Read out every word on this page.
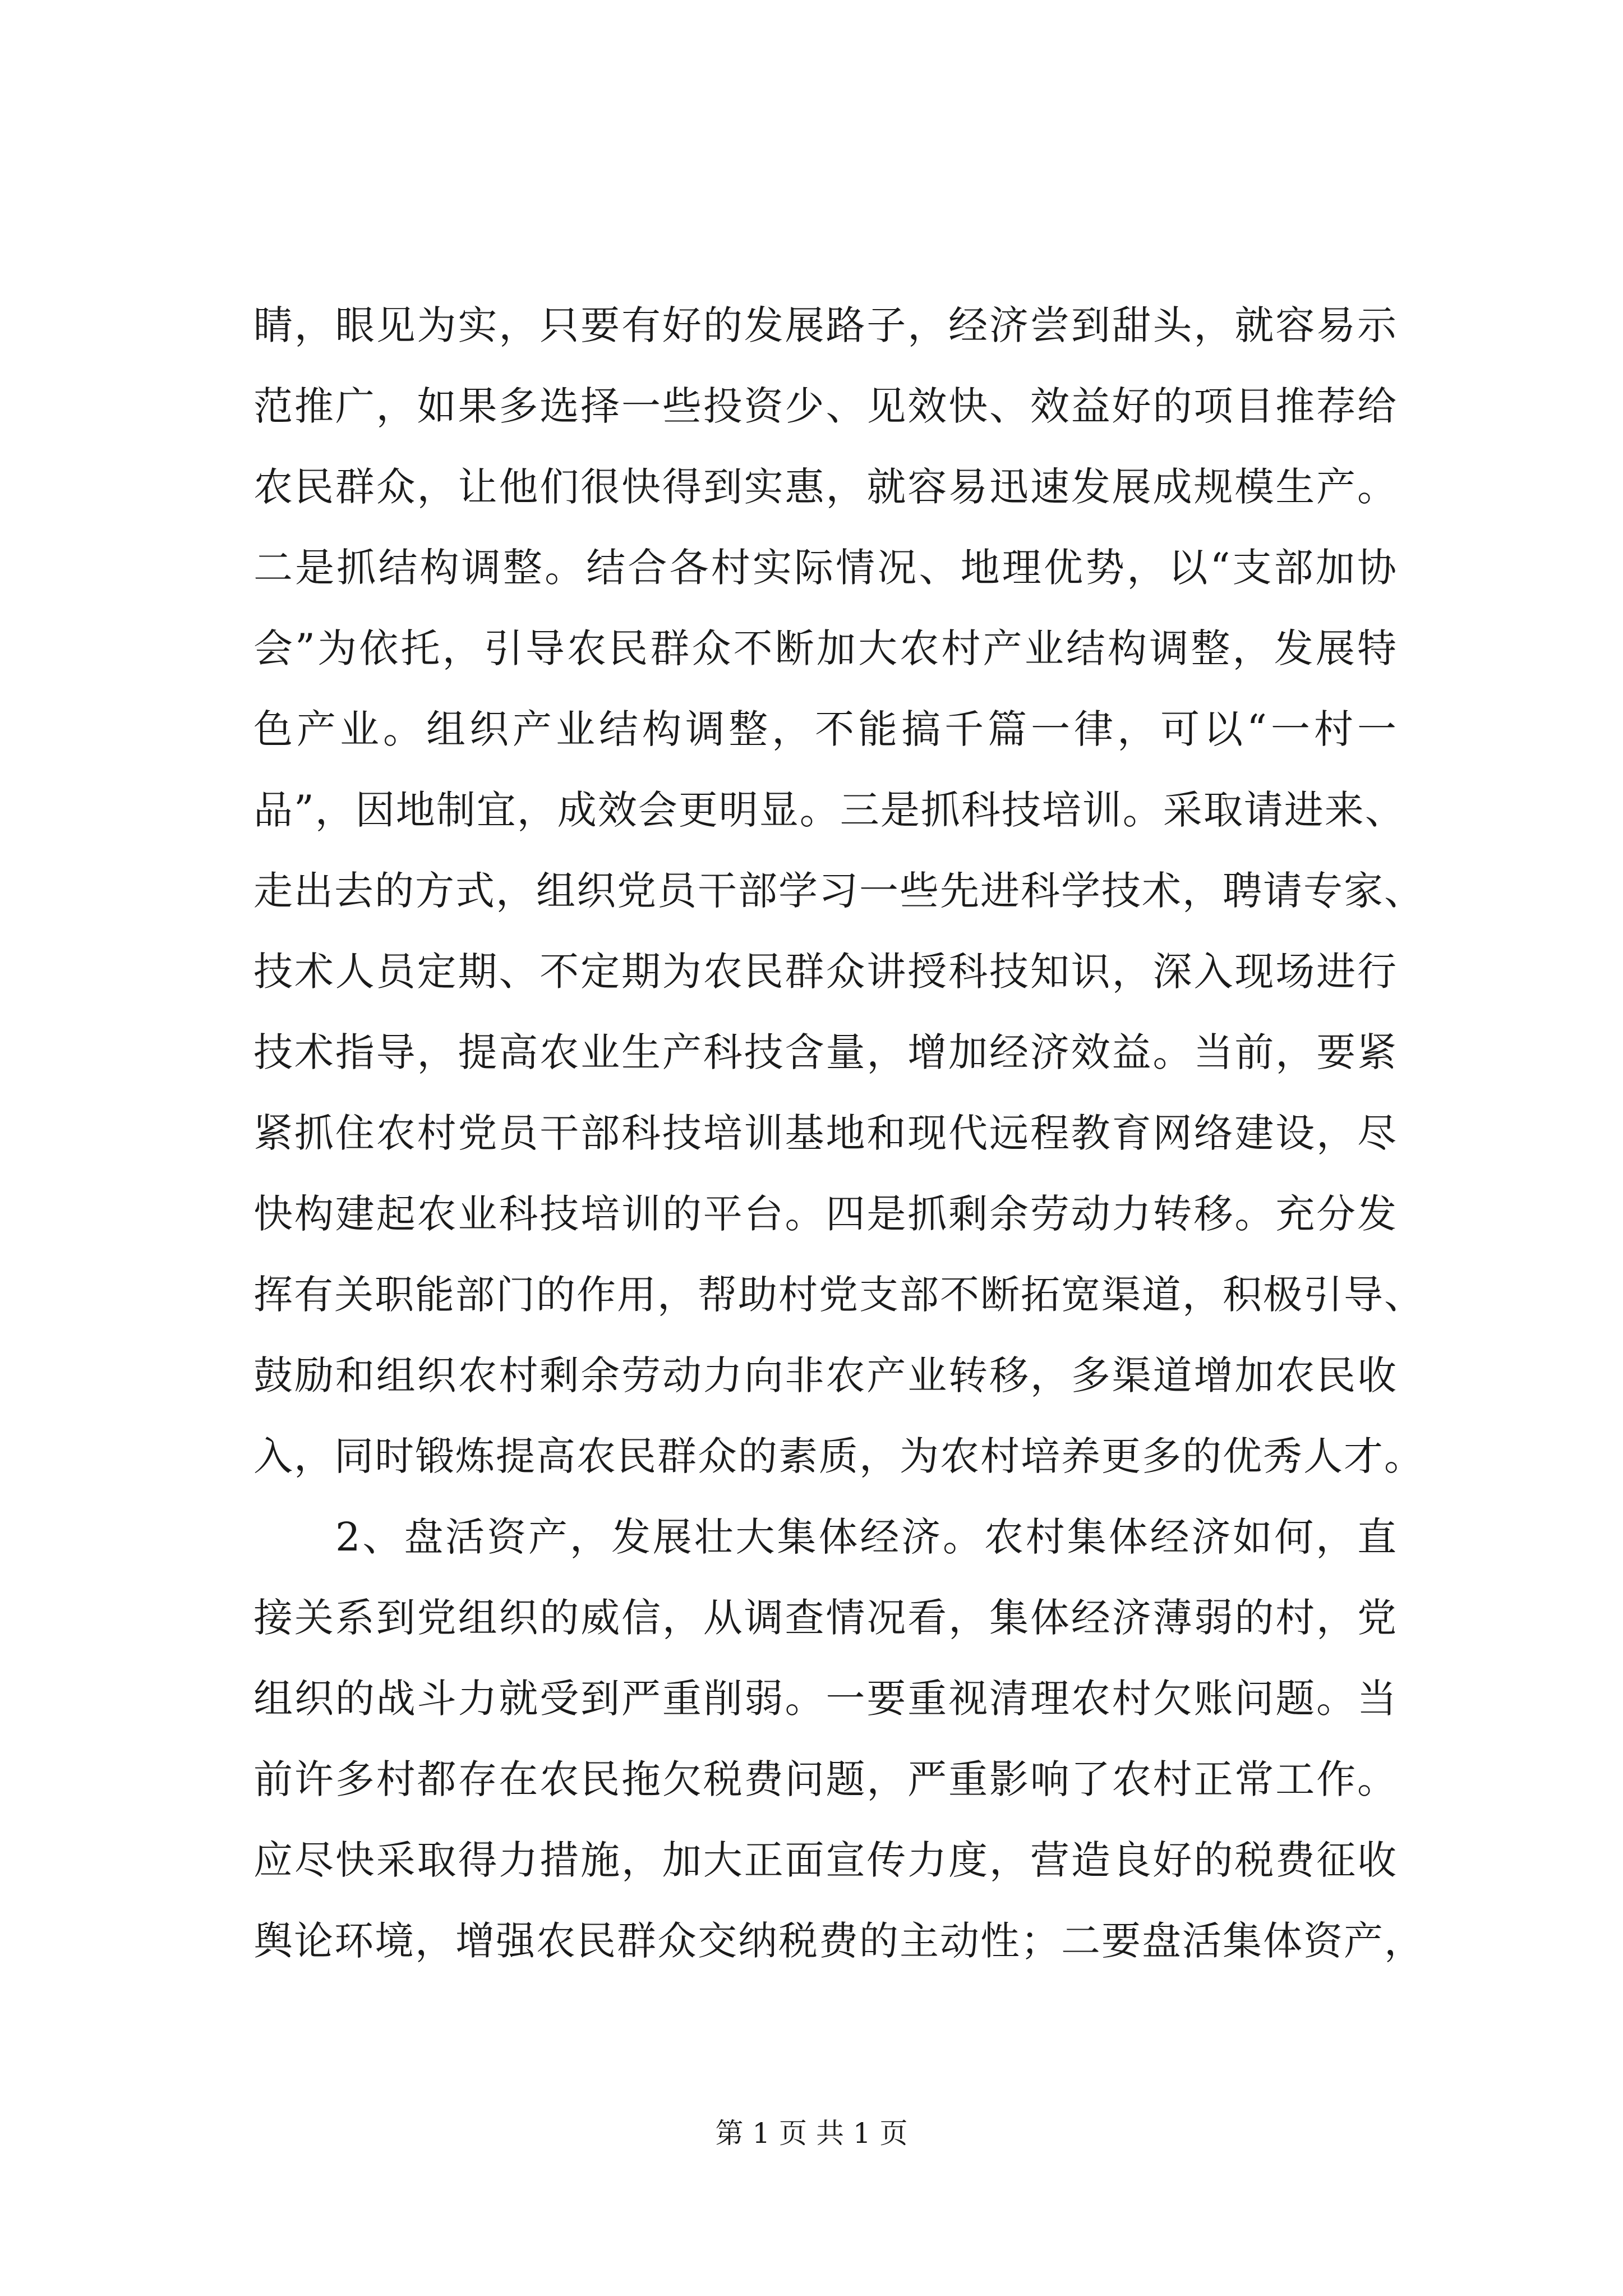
睛，眼见为实，只要有好的发展路子，经济尝到甜头，就容易示
范推广，如果多选择一些投资少、见效快、效益好的项目推荐给
农民群众，让他们很快得到实惠，就容易迅速发展成规模生产。
二是抓结构调整。结合各村实际情况、地理优势，以“支部加协
会”为依托，引导农民群众不断加大农村产业结构调整，发展特
色产业。组织产业结构调整，不能搞千篇一律，可以“一村一
品”，因地制宜，成效会更明显。三是抓科技培训。采取请进来、
走出去的方式，组织党员干部学习一些先进科学技术，聘请专家、
技术人员定期、不定期为农民群众讲授科技知识，深入现场进行
技术指导，提高农业生产科技含量，增加经济效益。当前，要紧
紧抓住农村党员干部科技培训基地和现代远程教育网络建设，尽
快构建起农业科技培训的平台。四是抓剩余劳动力转移。充分发
挥有关职能部门的作用，帮助村党支部不断拓宽渠道，积极引导、
鼓励和组织农村剩余劳动力向非农产业转移，多渠道增加农民收
入，同时锻炼提高农民群众的素质，为农村培养更多的优秀人才。
2、盘活资产，发展壮大集体经济。农村集体经济如何，直
接关系到党组织的威信，从调查情况看，集体经济薄弱的村，党
组织的战斗力就受到严重削弱。一要重视清理农村欠账问题。当
前许多村都存在农民拖欠税费问题，严重影响了农村正常工作。
应尽快采取得力措施，加大正面宣传力度，营造良好的税费征收
舆论环境，增强农民群众交纳税费的主动性；二要盘活集体资产，
第 1 页 共 1 页
